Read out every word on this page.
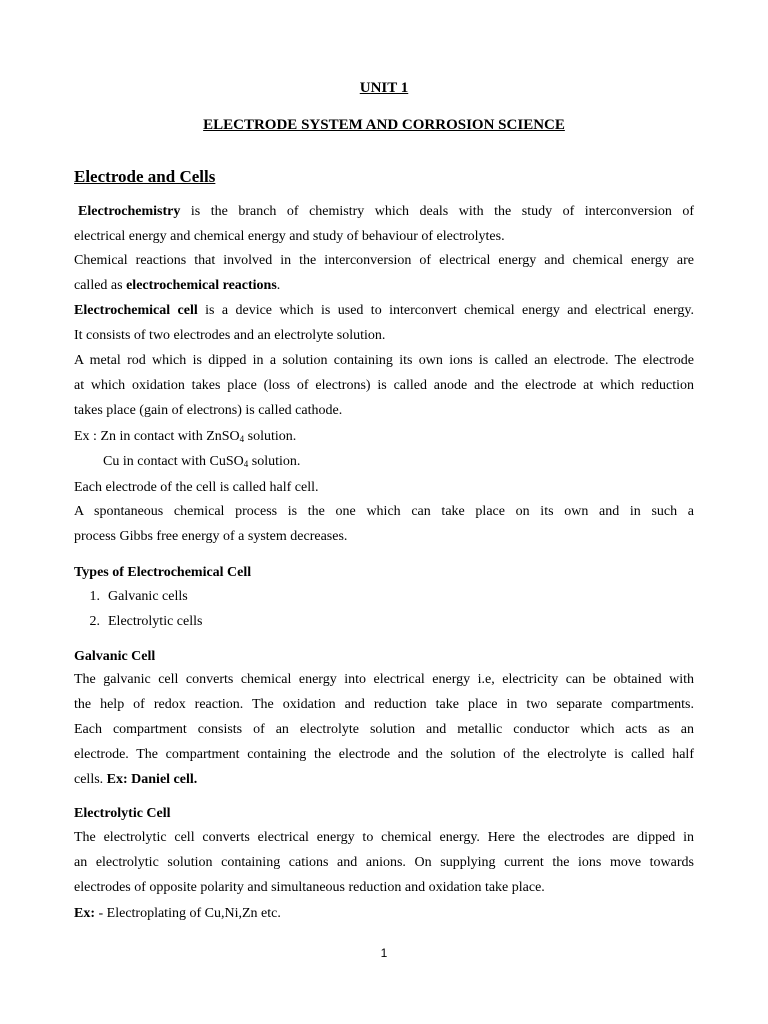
UNIT 1
ELECTRODE SYSTEM AND CORROSION SCIENCE
Electrode and Cells
Electrochemistry is the branch of chemistry which deals with the study of interconversion of
electrical energy and chemical energy and study of behaviour of electrolytes.
Chemical reactions that involved in the interconversion of electrical energy and chemical energy are
called as electrochemical reactions.
Electrochemical cell is a device which is used to interconvert chemical energy and electrical energy.
It consists of two electrodes and an electrolyte solution.
A metal rod which is dipped in a solution containing its own ions is called an electrode. The electrode
at which oxidation takes place (loss of electrons) is called anode and the electrode at which reduction
takes place (gain of electrons) is called cathode.
Ex : Zn in contact with ZnSO$_4$ solution.
Cu in contact with CuSO$_4$ solution.
Each electrode of the cell is called half cell.
A spontaneous chemical process is the one which can take place on its own and in such a
process Gibbs free energy of a system decreases.
Types of Electrochemical Cell
1. Galvanic cells
2. Electrolytic cells
Galvanic Cell
The galvanic cell converts chemical energy into electrical energy i.e, electricity can be obtained with
the help of redox reaction. The oxidation and reduction take place in two separate compartments.
Each compartment consists of an electrolyte solution and metallic conductor which acts as an
electrode. The compartment containing the electrode and the solution of the electrolyte is called half
cells. Ex: Daniel cell.
Electrolytic Cell
The electrolytic cell converts electrical energy to chemical energy. Here the electrodes are dipped in
an electrolytic solution containing cations and anions. On supplying current the ions move towards
electrodes of opposite polarity and simultaneous reduction and oxidation take place.
Ex: - Electroplating of Cu,Ni,Zn etc.
1
